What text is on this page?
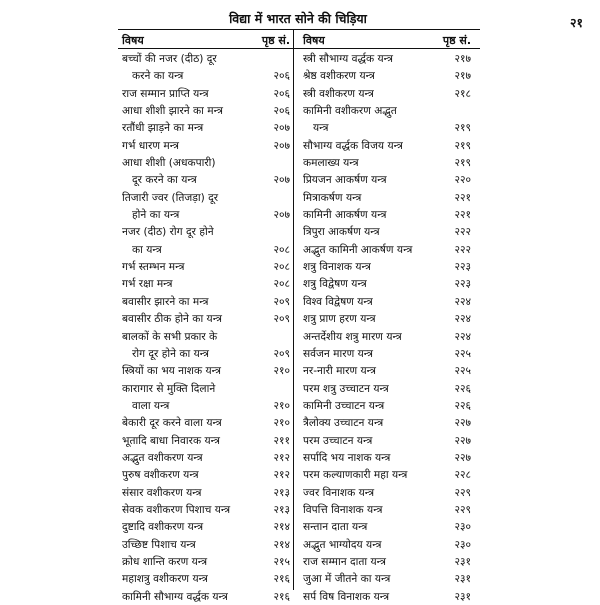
विद्या में भारत सोने की चिड़िया	२१
विषय	पृष्ठ सं.
बच्चों की नजर (दीठ) दूर
करने का यन्त्र	२०६
राज सम्मान प्राप्ति यन्त्र	२०६
आधा शीशी झारने का मन्त्र	२०६
रतौंधी झाड़ने का मन्त्र	२०७
गर्भ धारण मन्त्र	२०७
आधा शीशी (अधकपारी)
दूर करने का यन्त्र	२०७
तिजारी ज्वर (तिजड़ा) दूर
होने का यन्त्र	२०७
नजर (दीठ) रोग दूर होने
का यन्त्र	२०८
गर्भ स्तम्भन मन्त्र	२०८
गर्भ रक्षा मन्त्र	२०८
बवासीर झारने का मन्त्र	२०९
बवासीर ठीक होने का यन्त्र	२०९
बालकों के सभी प्रकार के
रोग दूर होने का यन्त्र	२०९
स्त्रियों का भय नाशक यन्त्र	२१०
कारागार से मुक्ति दिलाने
वाला यन्त्र	२१०
बेकारी दूर करने वाला यन्त्र	२१०
भूतादि बाधा निवारक यन्त्र	२११
अद्भुत वशीकरण यन्त्र	२१२
पुरुष वशीकरण यन्त्र	२१२
संसार वशीकरण यन्त्र	२१३
सेवक वशीकरण पिशाच यन्त्र	२१३
दुष्टादि वशीकरण यन्त्र	२१४
उच्छिष्ट पिशाच यन्त्र	२१४
क्रोध शान्ति करण यन्त्र	२१५
महाशत्रु वशीकरण यन्त्र	२१६
कामिनी सौभाग्य वर्द्धक यन्त्र	२१६
विषय	पृष्ठ सं.
स्त्री सौभाग्य वर्द्धक यन्त्र	२१७
श्रेष्ठ वशीकरण यन्त्र	२१७
स्त्री वशीकरण यन्त्र	२१८
कामिनी वशीकरण अद्भुत
यन्त्र	२१९
सौभाग्य वर्द्धक विजय यन्त्र	२१९
कमलाख्य यन्त्र	२१९
प्रियजन आकर्षण यन्त्र	२२०
मित्राकर्षण यन्त्र	२२१
कामिनी आकर्षण यन्त्र	२२१
त्रिपुरा आकर्षण यन्त्र	२२२
अद्भुत कामिनी आकर्षण यन्त्र	२२२
शत्रु विनाशक यन्त्र	२२३
शत्रु विद्वेषण यन्त्र	२२३
विश्व विद्वेषण यन्त्र	२२४
शत्रु प्राण हरण यन्त्र	२२४
अन्तर्देशीय शत्रु मारण यन्त्र	२२४
सर्वजन मारण यन्त्र	२२५
नर-नारी मारण यन्त्र	२२५
परम शत्रु उच्चाटन यन्त्र	२२६
कामिनी उच्चाटन यन्त्र	२२६
त्रैलोक्य उच्चाटन यन्त्र	२२७
परम उच्चाटन यन्त्र	२२७
सर्पादि भय नाशक यन्त्र	२२७
परम कल्याणकारी महा यन्त्र	२२८
ज्वर विनाशक यन्त्र	२२९
विपत्ति विनाशक यन्त्र	२२९
सन्तान दाता यन्त्र	२३०
अद्भुत भाग्योदय यन्त्र	२३०
राज सम्मान दाता यन्त्र	२३१
जुआ में जीतने का यन्त्र	२३१
सर्प विष विनाशक यन्त्र	२३१
